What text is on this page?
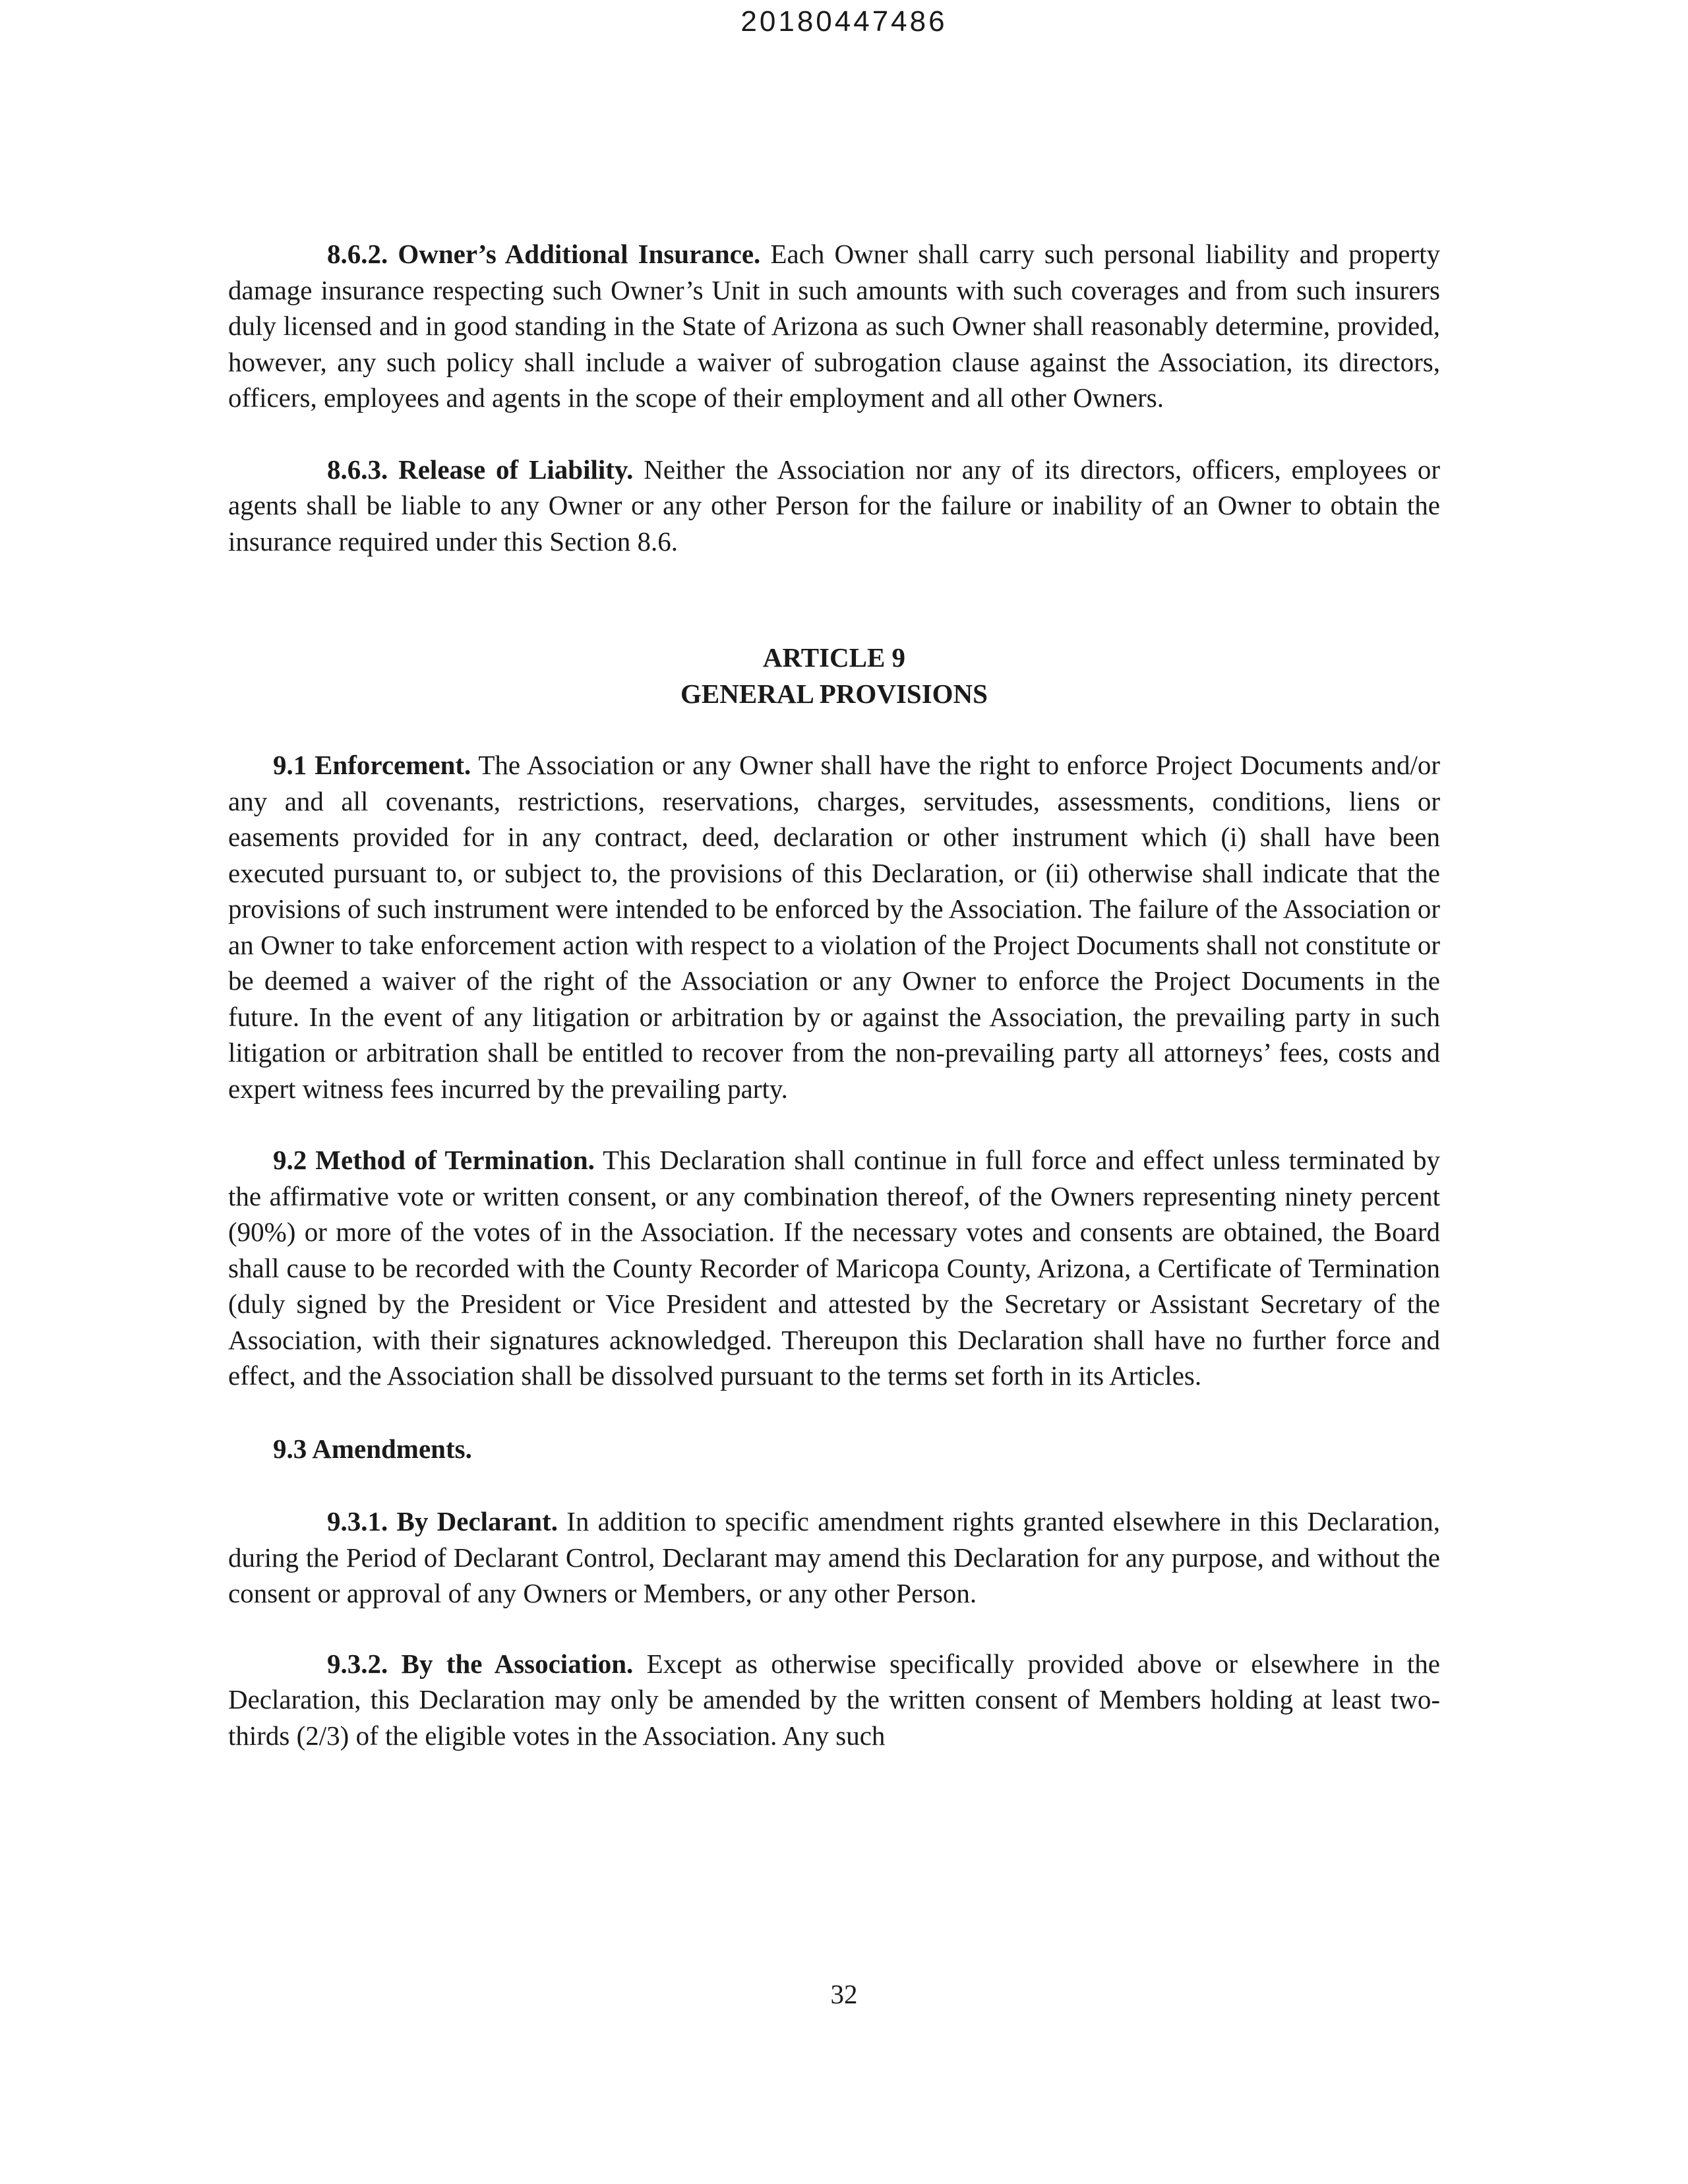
20180447486

8.6.2. Owner’s Additional Insurance. Each Owner shall carry such personal liability and property damage insurance respecting such Owner’s Unit in such amounts with such coverages and from such insurers duly licensed and in good standing in the State of Arizona as such Owner shall reasonably determine, provided, however, any such policy shall include a waiver of subrogation clause against the Association, its directors, officers, employees and agents in the scope of their employment and all other Owners.

8.6.3. Release of Liability. Neither the Association nor any of its directors, officers, employees or agents shall be liable to any Owner or any other Person for the failure or inability of an Owner to obtain the insurance required under this Section 8.6.

ARTICLE 9

GENERAL PROVISIONS

9.1 Enforcement. The Association or any Owner shall have the right to enforce Project Documents and/or any and all covenants, restrictions, reservations, charges, servitudes, assessments, conditions, liens or easements provided for in any contract, deed, declaration or other instrument which (i) shall have been executed pursuant to, or subject to, the provisions of this Declaration, or (ii) otherwise shall indicate that the provisions of such instrument were intended to be enforced by the Association. The failure of the Association or an Owner to take enforcement action with respect to a violation of the Project Documents shall not constitute or be deemed a waiver of the right of the Association or any Owner to enforce the Project Documents in the future. In the event of any litigation or arbitration by or against the Association, the prevailing party in such litigation or arbitration shall be entitled to recover from the non-prevailing party all attorneys’ fees, costs and expert witness fees incurred by the prevailing party.

9.2 Method of Termination. This Declaration shall continue in full force and effect unless terminated by the affirmative vote or written consent, or any combination thereof, of the Owners representing ninety percent (90%) or more of the votes of in the Association. If the necessary votes and consents are obtained, the Board shall cause to be recorded with the County Recorder of Maricopa County, Arizona, a Certificate of Termination (duly signed by the President or Vice President and attested by the Secretary or Assistant Secretary of the Association, with their signatures acknowledged. Thereupon this Declaration shall have no further force and effect, and the Association shall be dissolved pursuant to the terms set forth in its Articles.

9.3 Amendments.

9.3.1. By Declarant. In addition to specific amendment rights granted elsewhere in this Declaration, during the Period of Declarant Control, Declarant may amend this Declaration for any purpose, and without the consent or approval of any Owners or Members, or any other Person.

9.3.2. By the Association. Except as otherwise specifically provided above or elsewhere in the Declaration, this Declaration may only be amended by the written consent of Members holding at least two-thirds (2/3) of the eligible votes in the Association. Any such

32
